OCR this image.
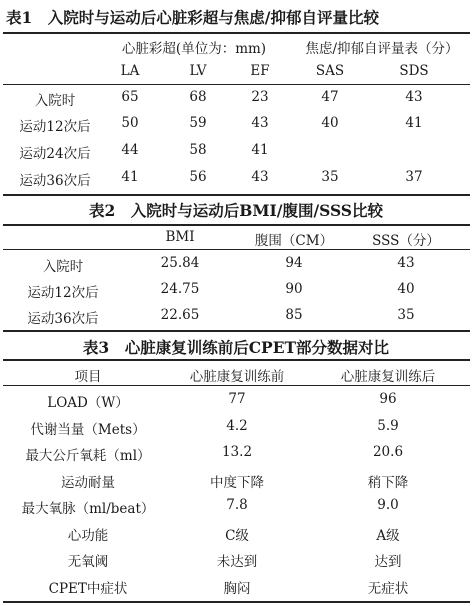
表1　入院时与运动后心脏彩超与焦虑/抑郁自评量比较
心脏彩超(单位为：mm)	焦虑/抑郁自评量表（分）
LA	LV	EF	SAS	SDS
入院时	65	68	23	47	43
运动12次后 50	59	43	40	41
运动24次后 44	58	41
运动36次后 41	56	43	35	37
表2　入院时与运动后BMI/腹围/SSS比较
BMI	腹围（CM）	SSS（分）
入院时	25.84	94	43
运动12次后	24.75	90	40
运动36次后	22.65	85	35
表3　心脏康复训练前后CPET部分数据对比
项目	心脏康复训练前	心脏康复训练后
LOAD（W）	77	96
代谢当量（Mets）	4.2	5.9
最大公斤氧耗（ml）	13.2	20.6
运动耐量	中度下降	稍下降
最大氧脉（ml/beat）	7.8	9.0
心功能	C级	A级
无氧阈	未达到	达到
CPET中症状	胸闷	无症状
